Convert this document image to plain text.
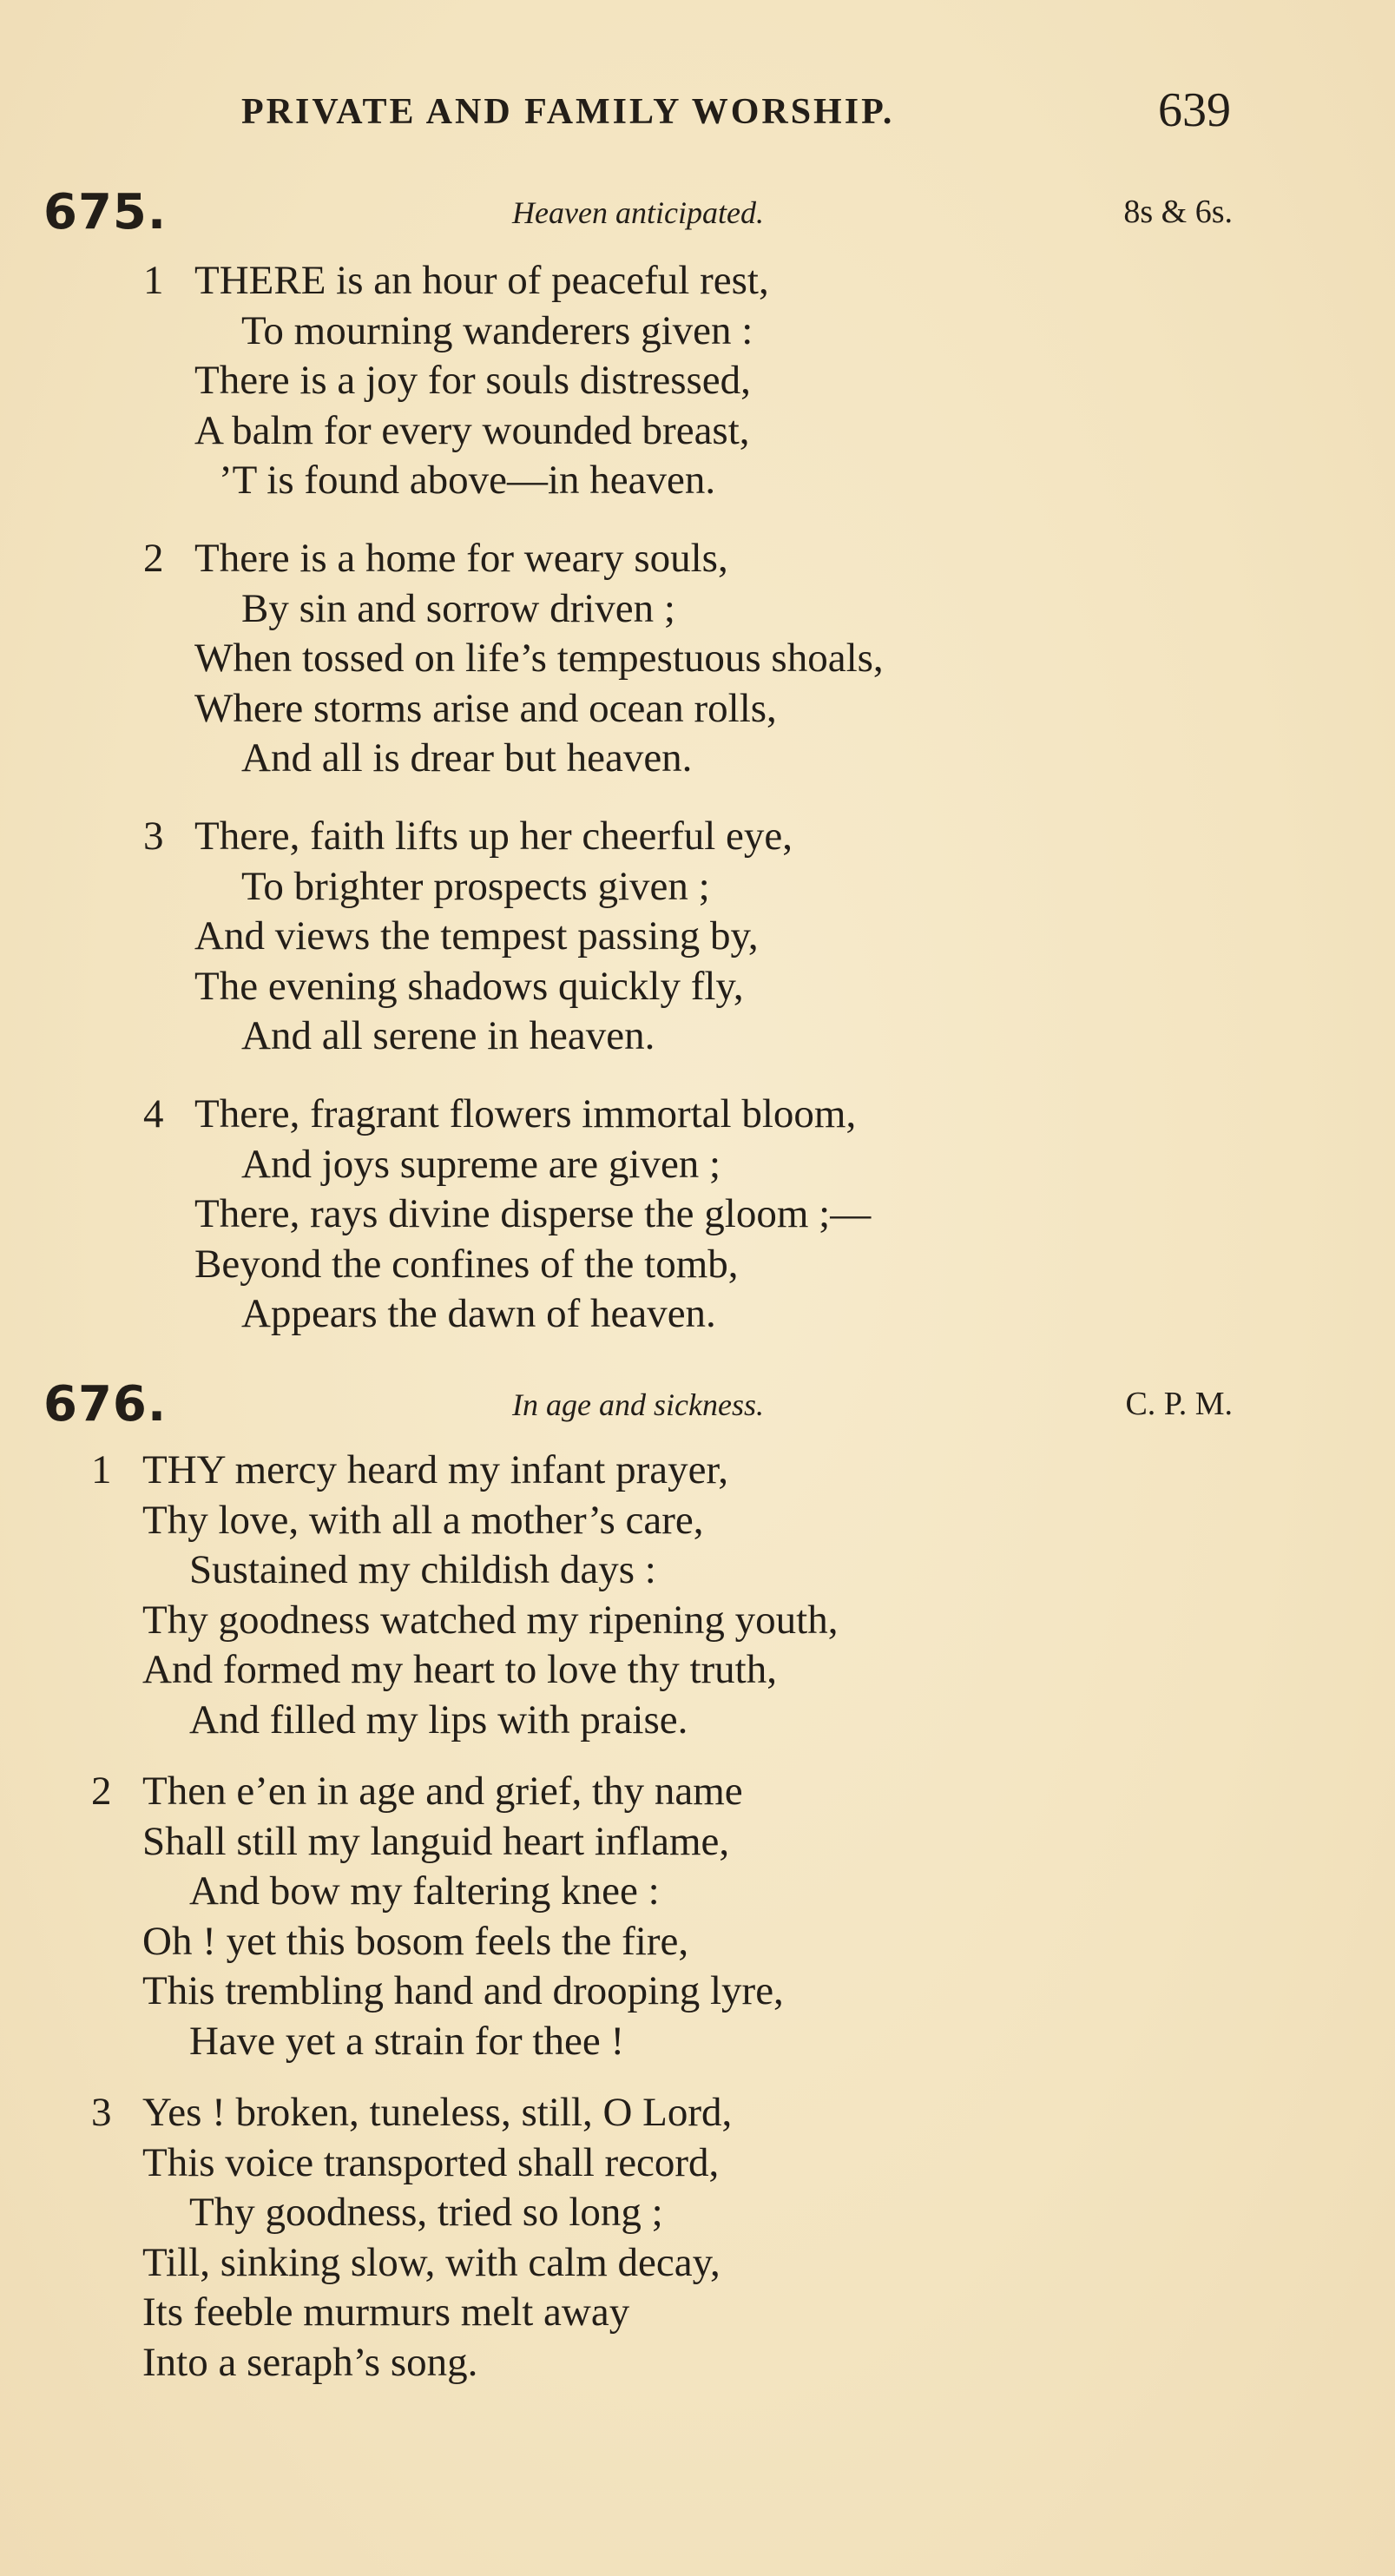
PRIVATE AND FAMILY WORSHIP.	639
675.	Heaven anticipated.	8s & 6s.
1 THERE is an hour of peaceful rest,
To mourning wanderers given :
There is a joy for souls distressed,
A balm for every wounded breast,
’T is found above—in heaven.
2 There is a home for weary souls,
By sin and sorrow driven ;
When tossed on life’s tempestuous shoals,
Where storms arise and ocean rolls,
And all is drear but heaven.
3 There, faith lifts up her cheerful eye,
To brighter prospects given ;
And views the tempest passing by,
The evening shadows quickly fly,
And all serene in heaven.
4 There, fragrant flowers immortal bloom,
And joys supreme are given ;
There, rays divine disperse the gloom ;—
Beyond the confines of the tomb,
Appears the dawn of heaven.
676.	In age and sickness.	C. P. M.
1 THY mercy heard my infant prayer,
Thy love, with all a mother’s care,
Sustained my childish days :
Thy goodness watched my ripening youth,
And formed my heart to love thy truth,
And filled my lips with praise.
2 Then e’en in age and grief, thy name
Shall still my languid heart inflame,
And bow my faltering knee :
Oh ! yet this bosom feels the fire,
This trembling hand and drooping lyre,
Have yet a strain for thee !
3 Yes ! broken, tuneless, still, O Lord,
This voice transported shall record,
Thy goodness, tried so long ;
Till, sinking slow, with calm decay,
Its feeble murmurs melt away
Into a seraph’s song.
